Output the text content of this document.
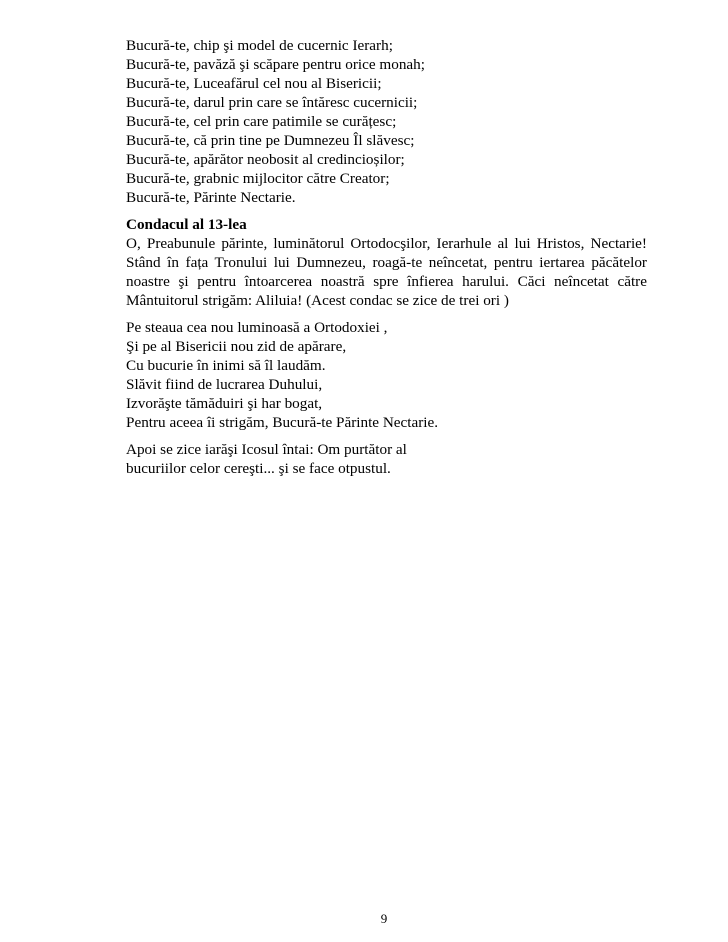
Bucură-te, chip şi model de cucernic Ierarh;
Bucură-te, pavăză şi scăpare pentru orice monah;
Bucură-te, Luceafărul cel nou al Bisericii;
Bucură-te, darul prin care se întăresc cucernicii;
Bucură-te, cel prin care patimile se curățesc;
Bucură-te, că prin tine pe Dumnezeu Îl slăvesc;
Bucură-te, apărător neobosit al credincioșilor;
Bucură-te, grabnic mijlocitor către Creator;
Bucură-te, Părinte Nectarie.
Condacul al 13-lea
O, Preabunule părinte, luminătorul Ortodocşilor, Ierarhule al lui Hristos, Nectarie! Stând în fața Tronului lui Dumnezeu, roagă-te neîncetat, pentru iertarea păcătelor noastre şi pentru întoarcerea noastră spre înfierea harului. Căci neîncetat către Mântuitorul strigăm: Aliluia! (Acest condac se zice de trei ori )
Pe steaua cea nou luminoasă a Ortodoxiei ,
Şi pe al Bisericii nou zid de apărare,
Cu bucurie în inimi să îl laudăm.
Slăvit fiind de lucrarea Duhului,
Izvorăşte tămăduiri şi har bogat,
Pentru aceea îi strigăm, Bucură-te Părinte Nectarie.
Apoi se zice iarăşi Icosul întai: Om purtător al
bucuriilor celor cereşti... şi se face otpustul.
9
